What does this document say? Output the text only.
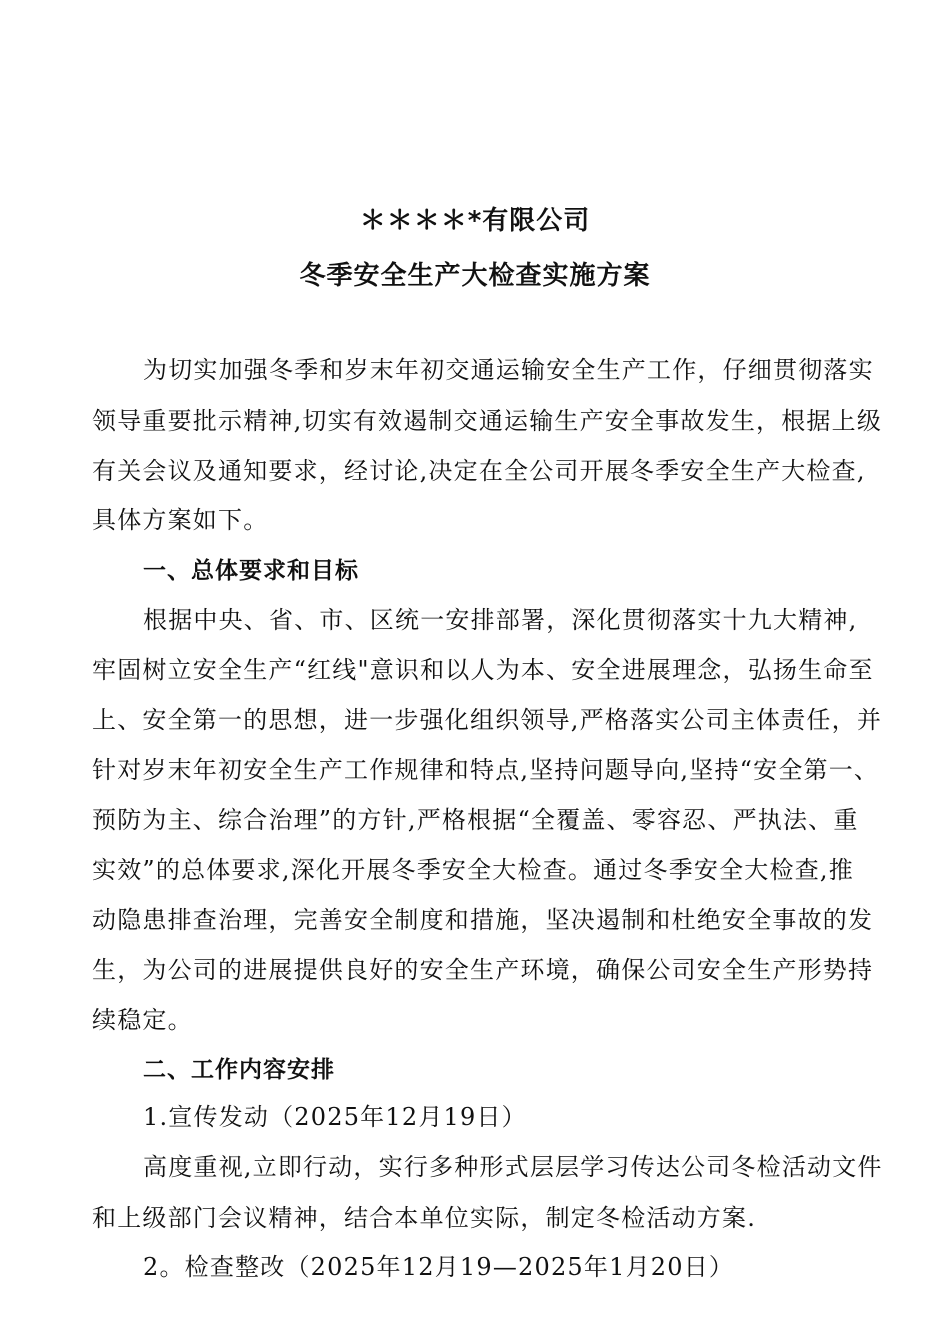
＊＊＊＊*有限公司
冬季安全生产大检查实施方案
为切实加强冬季和岁末年初交通运输安全生产工作，仔细贯彻落实
领导重要批示精神,切实有效遏制交通运输生产安全事故发生，根据上级
有关会议及通知要求，经讨论,决定在全公司开展冬季安全生产大检查,
具体方案如下。
一、总体要求和目标
根据中央、省、市、区统一安排部署，深化贯彻落实十九大精神,
牢固树立安全生产“红线"意识和以人为本、安全进展理念，弘扬生命至
上、安全第一的思想，进一步强化组织领导,严格落实公司主体责任，并
针对岁末年初安全生产工作规律和特点,坚持问题导向,坚持“安全第一、
预防为主、综合治理”的方针,严格根据“全覆盖、零容忍、严执法、重
实效”的总体要求,深化开展冬季安全大检查。通过冬季安全大检查,推
动隐患排查治理，完善安全制度和措施，坚决遏制和杜绝安全事故的发
生，为公司的进展提供良好的安全生产环境，确保公司安全生产形势持
续稳定。
二、工作内容安排
1.宣传发动（2025年12月19日）
高度重视,立即行动，实行多种形式层层学习传达公司冬检活动文件
和上级部门会议精神，结合本单位实际，制定冬检活动方案.
2。检查整改（2025年12月19—2025年1月20日）
